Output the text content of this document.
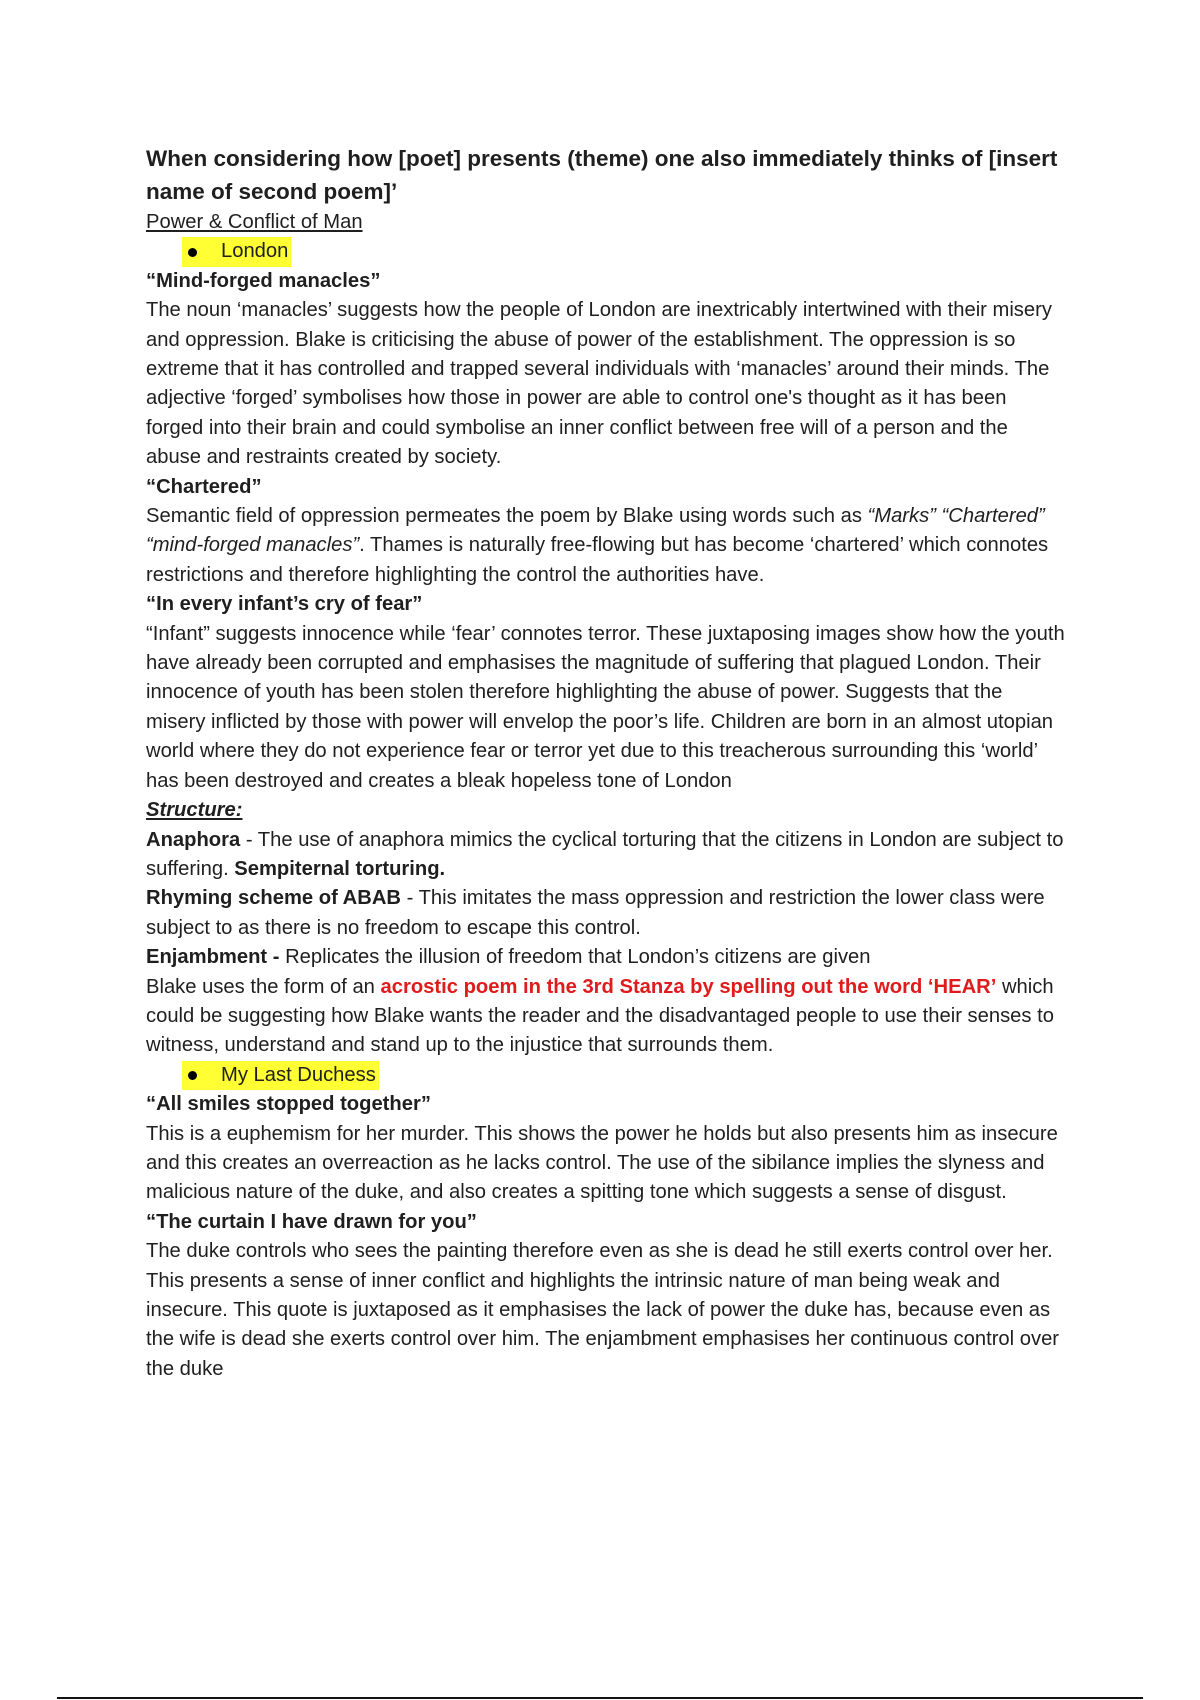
When considering how [poet] presents (theme) one also immediately thinks of [insert name of second poem]’

Power & Conflict of Man

London

“Mind-forged manacles”

The noun ‘manacles’ suggests how the people of London are inextricably intertwined with their misery and oppression. Blake is criticising the abuse of power of the establishment. The oppression is so extreme that it has controlled and trapped several individuals with ‘manacles’ around their minds. The adjective ‘forged’ symbolises how those in power are able to control one's thought as it has been forged into their brain and could symbolise an inner conflict between free will of a person and the abuse and restraints created by society.

“Chartered”

Semantic field of oppression permeates the poem by Blake using words such as “Marks” “Chartered” “mind-forged manacles”. Thames is naturally free-flowing but has become ‘chartered’ which connotes restrictions and therefore highlighting the control the authorities have.

“In every infant’s cry of fear”

“Infant” suggests innocence while ‘fear’ connotes terror. These juxtaposing images show how the youth have already been corrupted and emphasises the magnitude of suffering that plagued London. Their innocence of youth has been stolen therefore highlighting the abuse of power. Suggests that the misery inflicted by those with power will envelop the poor’s life. Children are born in an almost utopian world where they do not experience fear or terror yet due to this treacherous surrounding this ‘world’ has been destroyed and creates a bleak hopeless tone of London

Structure:

Anaphora - The use of anaphora mimics the cyclical torturing that the citizens in London are subject to suffering. Sempiternal torturing.

Rhyming scheme of ABAB - This imitates the mass oppression and restriction the lower class were subject to as there is no freedom to escape this control.

Enjambment - Replicates the illusion of freedom that London’s citizens are given

Blake uses the form of an acrostic poem in the 3rd Stanza by spelling out the word ‘HEAR’ which could be suggesting how Blake wants the reader and the disadvantaged people to use their senses to witness, understand and stand up to the injustice that surrounds them.

My Last Duchess

“All smiles stopped together”

This is a euphemism for her murder. This shows the power he holds but also presents him as insecure and this creates an overreaction as he lacks control. The use of the sibilance implies the slyness and malicious nature of the duke, and also creates a spitting tone which suggests a sense of disgust.

“The curtain I have drawn for you”

The duke controls who sees the painting therefore even as she is dead he still exerts control over her. This presents a sense of inner conflict and highlights the intrinsic nature of man being weak and insecure. This quote is juxtaposed as it emphasises the lack of power the duke has, because even as the wife is dead she exerts control over him. The enjambment emphasises her continuous control over the duke
